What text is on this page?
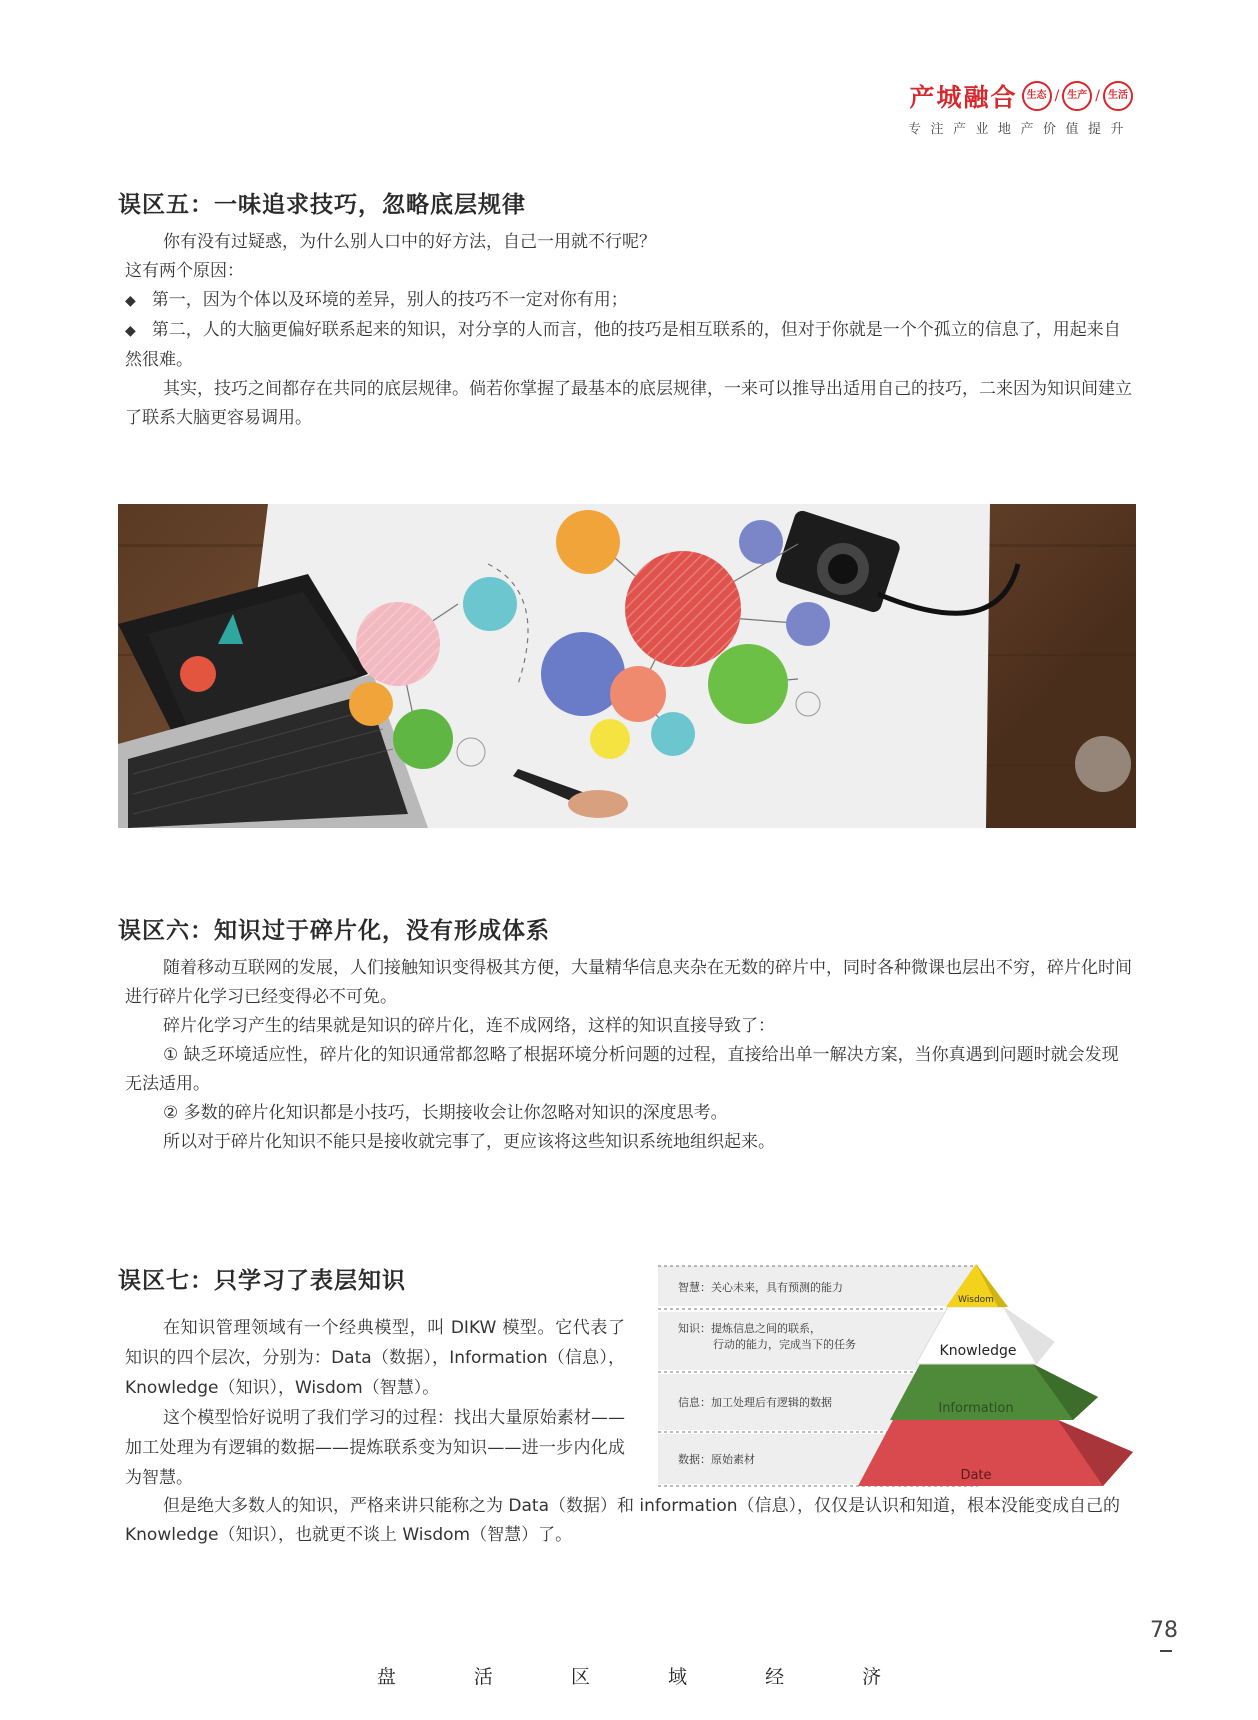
产城融合 生态 / 生产 / 生活
专注产业地产价值提升
误区五：一味追求技巧，忽略底层规律

你有没有过疑惑，为什么别人口中的好方法，自己一用就不行呢？

这有两个原因：

◆ 第一，因为个体以及环境的差异，别人的技巧不一定对你有用；

◆ 第二，人的大脑更偏好联系起来的知识，对分享的人而言，他的技巧是相互联系的，但对于你就是一个个孤立的信息了，用起来自然很难。

其实，技巧之间都存在共同的底层规律。倘若你掌握了最基本的底层规律，一来可以推导出适用自己的技巧，二来因为知识间建立了联系大脑更容易调用。

误区六：知识过于碎片化，没有形成体系

随着移动互联网的发展，人们接触知识变得极其方便，大量精华信息夹杂在无数的碎片中，同时各种微课也层出不穷，碎片化时间进行碎片化学习已经变得必不可免。

碎片化学习产生的结果就是知识的碎片化，连不成网络，这样的知识直接导致了：

① 缺乏环境适应性，碎片化的知识通常都忽略了根据环境分析问题的过程，直接给出单一解决方案，当你真遇到问题时就会发现无法适用。

② 多数的碎片化知识都是小技巧，长期接收会让你忽略对知识的深度思考。

所以对于碎片化知识不能只是接收就完事了，更应该将这些知识系统地组织起来。

误区七：只学习了表层知识

在知识管理领域有一个经典模型，叫 DIKW 模型。它代表了知识的四个层次，分别为：Data（数据），Information（信息），Knowledge（知识），Wisdom（智慧）。

这个模型恰好说明了我们学习的过程：找出大量原始素材——加工处理为有逻辑的数据——提炼联系变为知识——进一步内化成为智慧。

但是绝大多数人的知识，严格来讲只能称之为 Data（数据）和 information（信息），仅仅是认识和知道，根本没能变成自己的 Knowledge（知识），也就更不谈上 Wisdom（智慧）了。

智慧：关心未来，具有预测的能力
知识：提炼信息之间的联系，
行动的能力，完成当下的任务
信息：加工处理后有逻辑的数据
数据：原始素材
Wisdom
Knowledge
Information
Date
78
盘	活	区	域	经	济
